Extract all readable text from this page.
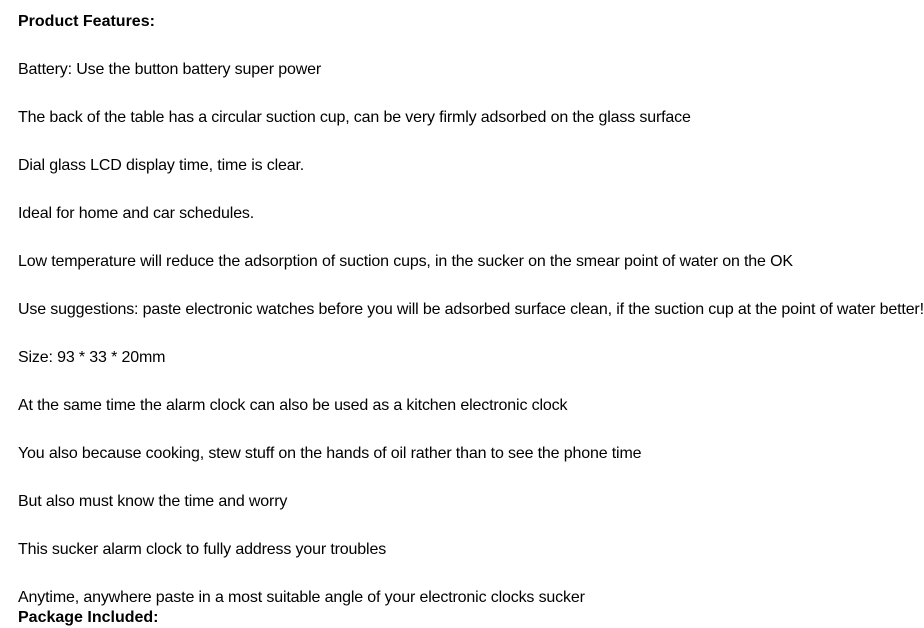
Product Features:
Battery: Use the button battery super power
The back of the table has a circular suction cup, can be very firmly adsorbed on the glass surface
Dial glass LCD display time, time is clear.
Ideal for home and car schedules.
Low temperature will reduce the adsorption of suction cups, in the sucker on the smear point of water on the OK
Use suggestions: paste electronic watches before you will be adsorbed surface clean, if the suction cup at the point of water better!
Size: 93 * 33 * 20mm
At the same time the alarm clock can also be used as a kitchen electronic clock
You also because cooking, stew stuff on the hands of oil rather than to see the phone time
But also must know the time and worry
This sucker alarm clock to fully address your troubles
Anytime, anywhere paste in a most suitable angle of your electronic clocks sucker
Package Included:
